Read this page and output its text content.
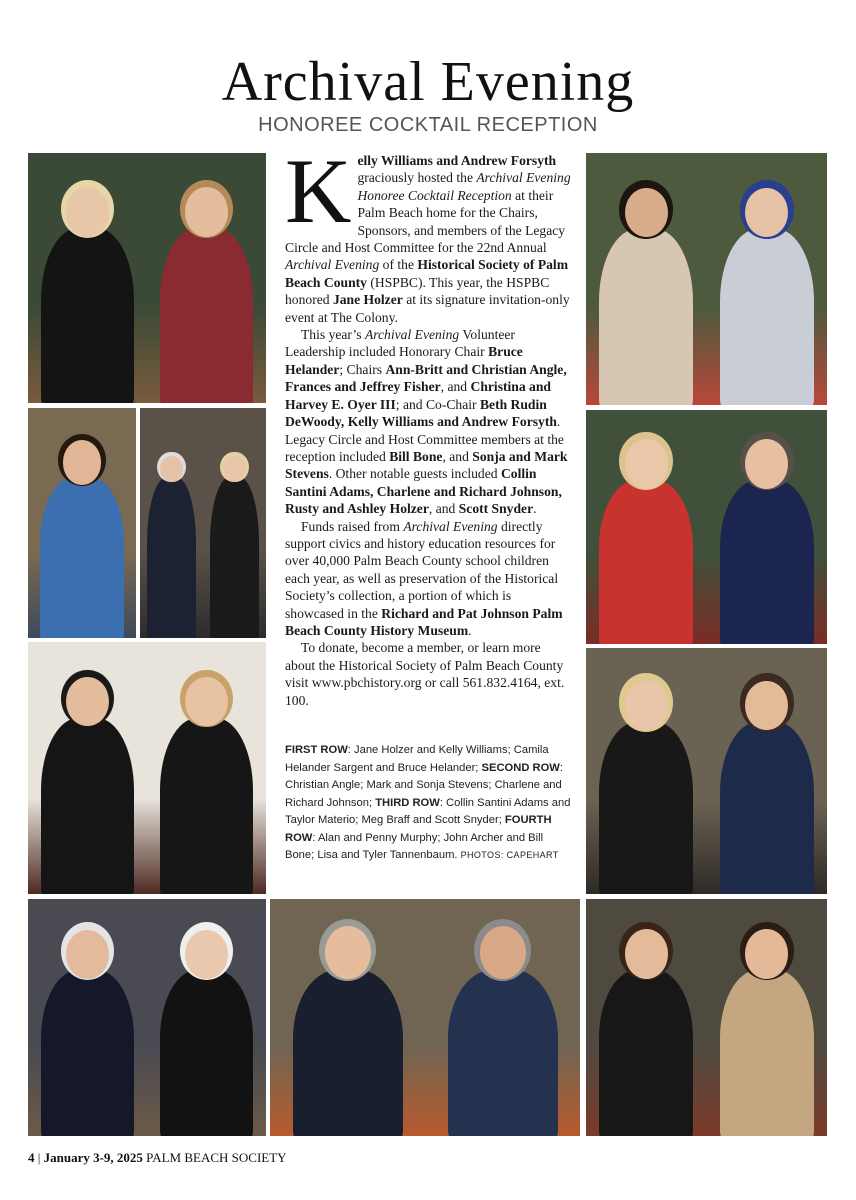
Archival Evening
HONOREE COCKTAIL RECEPTION

Kelly Williams and Andrew Forsyth graciously hosted the Archival Evening Honoree Cocktail Reception at their Palm Beach home for the Chairs, Sponsors, and members of the Legacy Circle and Host Committee for the 22nd Annual Archival Evening of the Historical Society of Palm Beach County (HSPBC). This year, the HSPBC honored Jane Holzer at its signature invitation-only event at The Colony.

This year’s Archival Evening Volunteer Leadership included Honorary Chair Bruce Helander; Chairs Ann-Britt and Christian Angle, Frances and Jeffrey Fisher, and Christina and Harvey E. Oyer III; and Co-Chair Beth Rudin DeWoody, Kelly Williams and Andrew Forsyth. Legacy Circle and Host Committee members at the reception included Bill Bone, and Sonja and Mark Stevens. Other notable guests included Collin Santini Adams, Charlene and Richard Johnson, Rusty and Ashley Holzer, and Scott Snyder.

Funds raised from Archival Evening directly support civics and history education resources for over 40,000 Palm Beach County school children each year, as well as preservation of the Historical Society’s collection, a portion of which is showcased in the Richard and Pat Johnson Palm Beach County History Museum.

To donate, become a member, or learn more about the Historical Society of Palm Beach County visit www.pbchistory.org or call 561.832.4164, ext. 100.

FIRST ROW: Jane Holzer and Kelly Williams; Camila Helander Sargent and Bruce Helander; SECOND ROW: Christian Angle; Mark and Sonja Stevens; Charlene and Richard Johnson; THIRD ROW: Collin Santini Adams and Taylor Materio; Meg Braff and Scott Snyder; FOURTH ROW: Alan and Penny Murphy; John Archer and Bill Bone; Lisa and Tyler Tannenbaum. PHOTOS: CAPEHART
4 | January 3-9, 2025 PALM BEACH SOCIETY
